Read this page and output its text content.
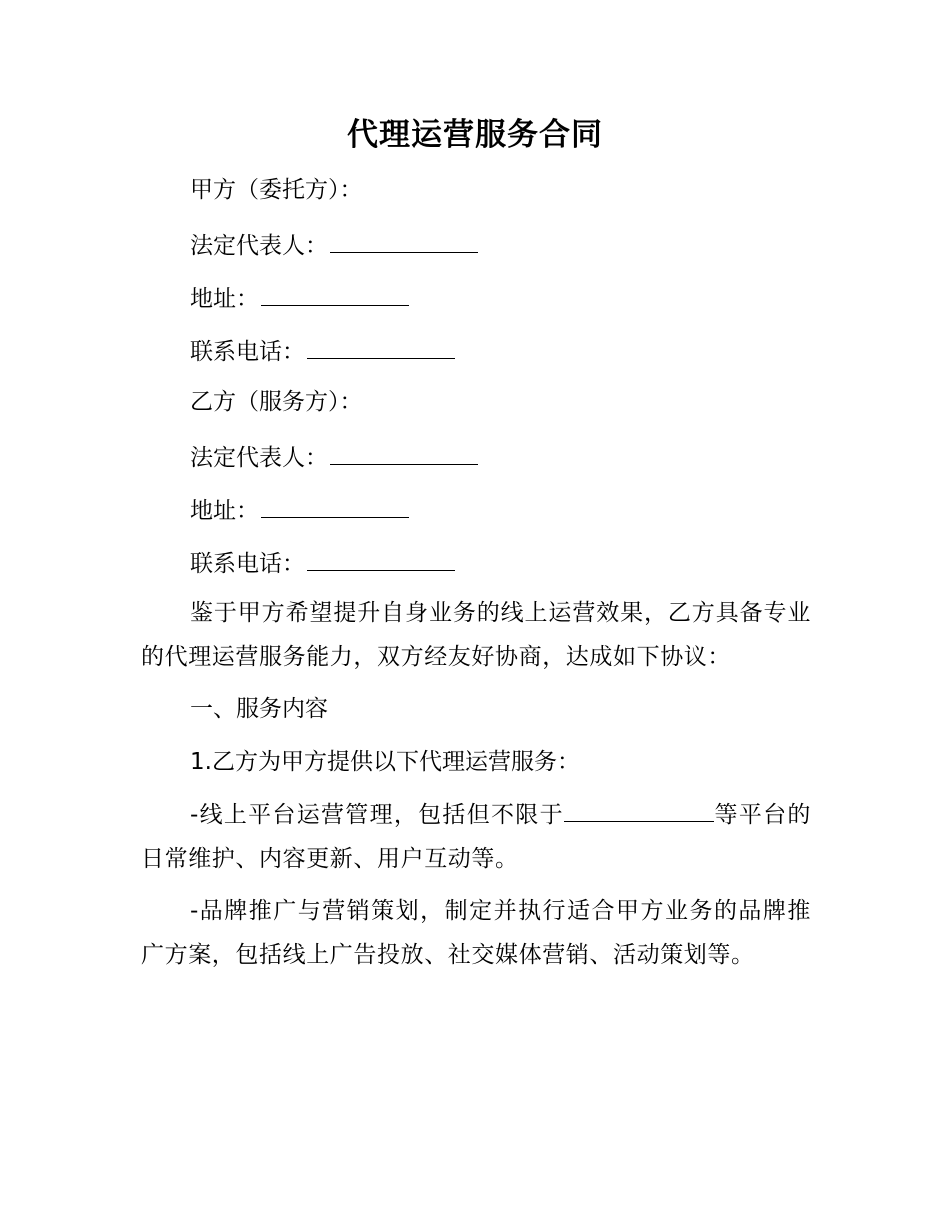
代理运营服务合同
甲方（委托方）：
法定代表人：
地址：
联系电话：
乙方（服务方）：
法定代表人：
地址：
联系电话：
鉴于甲方希望提升自身业务的线上运营效果，乙方具备专业的代理运营服务能力，双方经友好协商，达成如下协议：
一、服务内容
1.乙方为甲方提供以下代理运营服务：
-线上平台运营管理，包括但不限于	等平台的日常维护、内容更新、用户互动等。
-品牌推广与营销策划，制定并执行适合甲方业务的品牌推广方案，包括线上广告投放、社交媒体营销、活动策划等。
